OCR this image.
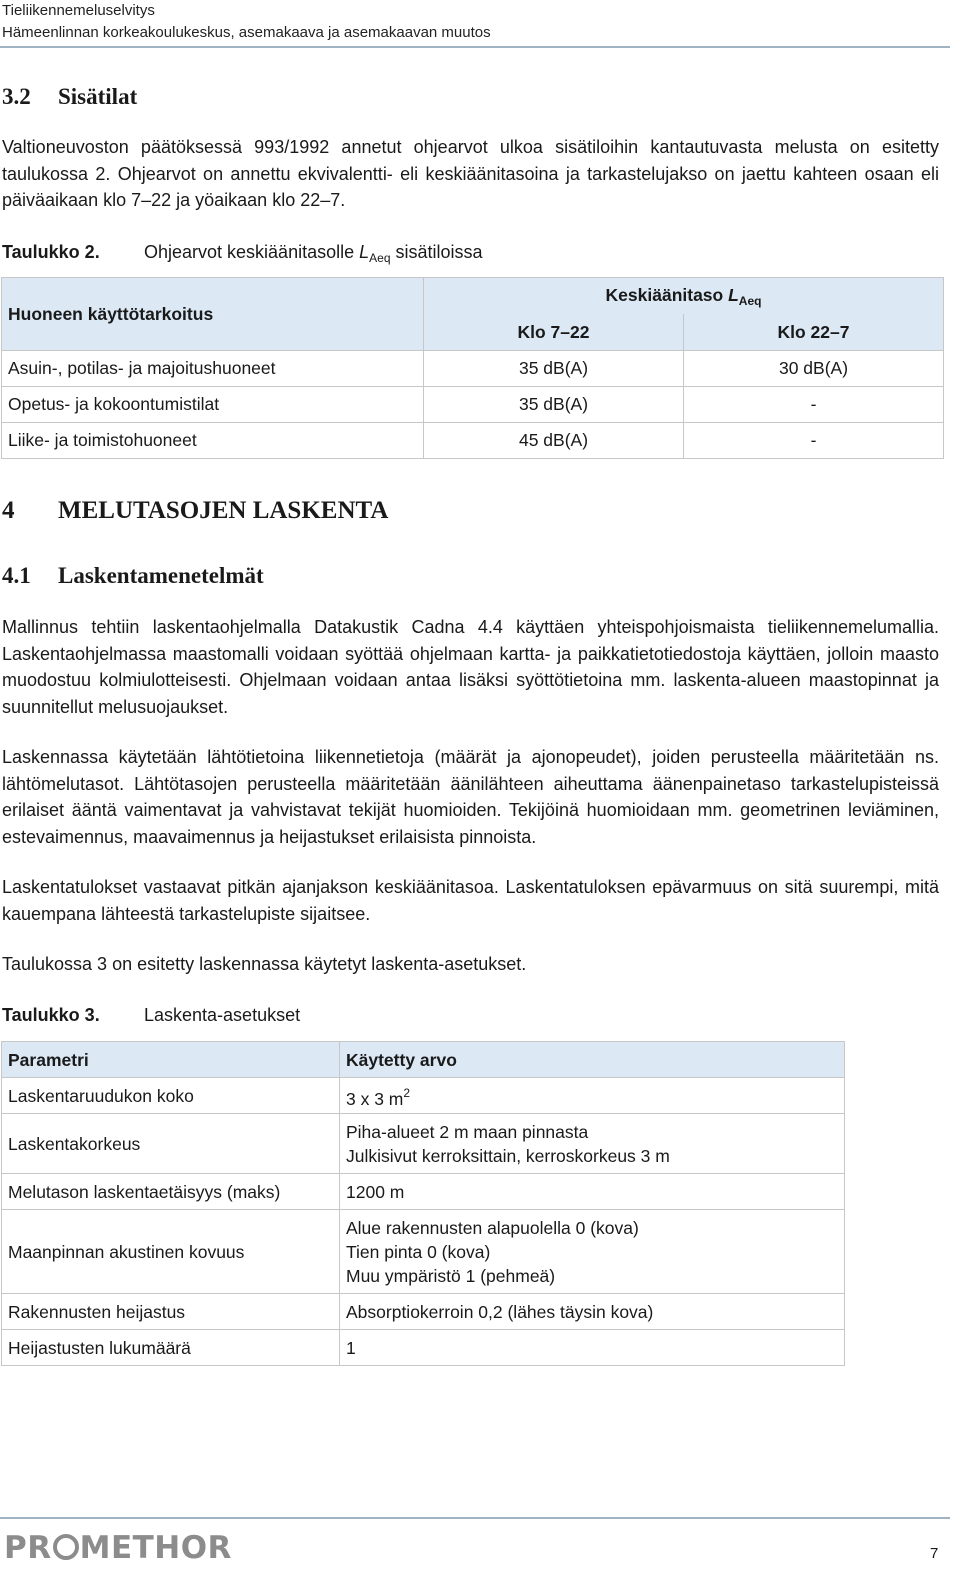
Tieliikennemeluselvitys
Hämeenlinnan korkeakoulukeskus, asemakaava ja asemakaavan muutos
3.2 Sisätilat
Valtioneuvoston päätöksessä 993/1992 annetut ohjearvot ulkoa sisätiloihin kantautuvasta melusta on esitetty taulukossa 2. Ohjearvot on annettu ekvivalentti- eli keskiäänitasoina ja tarkastelujakso on jaettu kahteen osaan eli päiväaikaan klo 7–22 ja yöaikaan klo 22–7.
Taulukko 2. Ohjearvot keskiäänitasolle $L_{Aeq}$ sisätiloissa
Huoneen käyttötarkoitus	Keskiäänitaso $L_{Aeq}$
	Klo 7–22	Klo 22–7
Asuin-, potilas- ja majoitushuoneet	35 dB(A)	30 dB(A)
Opetus- ja kokoontumistilat	35 dB(A)	-
Liike- ja toimistohuoneet	45 dB(A)	-
4 MELUTASOJEN LASKENTA
4.1 Laskentamenetelmät
Mallinnus tehtiin laskentaohjelmalla Datakustik Cadna 4.4 käyttäen yhteispohjoismaista tieliikennemelumallia. Laskentaohjelmassa maastomalli voidaan syöttää ohjelmaan kartta- ja paikkatietotiedostoja käyttäen, jolloin maasto muodostuu kolmiulotteisesti. Ohjelmaan voidaan antaa lisäksi syöttötietoina mm. laskenta-alueen maastopinnat ja suunnitellut melusuojaukset.
Laskennassa käytetään lähtötietoina liikennetietoja (määrät ja ajonopeudet), joiden perusteella määritetään ns. lähtömelutasot. Lähtötasojen perusteella määritetään äänilähteen aiheuttama äänenpainetaso tarkastelupisteissä erilaiset ääntä vaimentavat ja vahvistavat tekijät huomioiden. Tekijöinä huomioidaan mm. geometrinen leviäminen, estevaimennus, maavaimennus ja heijastukset erilaisista pinnoista.
Laskentatulokset vastaavat pitkän ajanjakson keskiäänitasoa. Laskentatuloksen epävarmuus on sitä suurempi, mitä kauempana lähteestä tarkastelupiste sijaitsee.
Taulukossa 3 on esitetty laskennassa käytetyt laskenta-asetukset.
Taulukko 3. Laskenta-asetukset
Parametri	Käytetty arvo
Laskentaruudukon koko	3 x 3 $m^2$
Laskentakorkeus	Piha-alueet 2 m maan pinnasta
Julkisivut kerroksittain, kerroskorkeus 3 m

Melutason laskentaetäisyys (maks)	1200 m
Maanpinnan akustinen kovuus	Alue rakennusten alapuolella 0 (kova)
Tien pinta 0 (kova)
Muu ympäristö 1 (pehmeä)

Rakennusten heijastus	Absorptiokerroin 0,2 (lähes täysin kova)
Heijastusten lukumäärä	1
PR METHOR	7
